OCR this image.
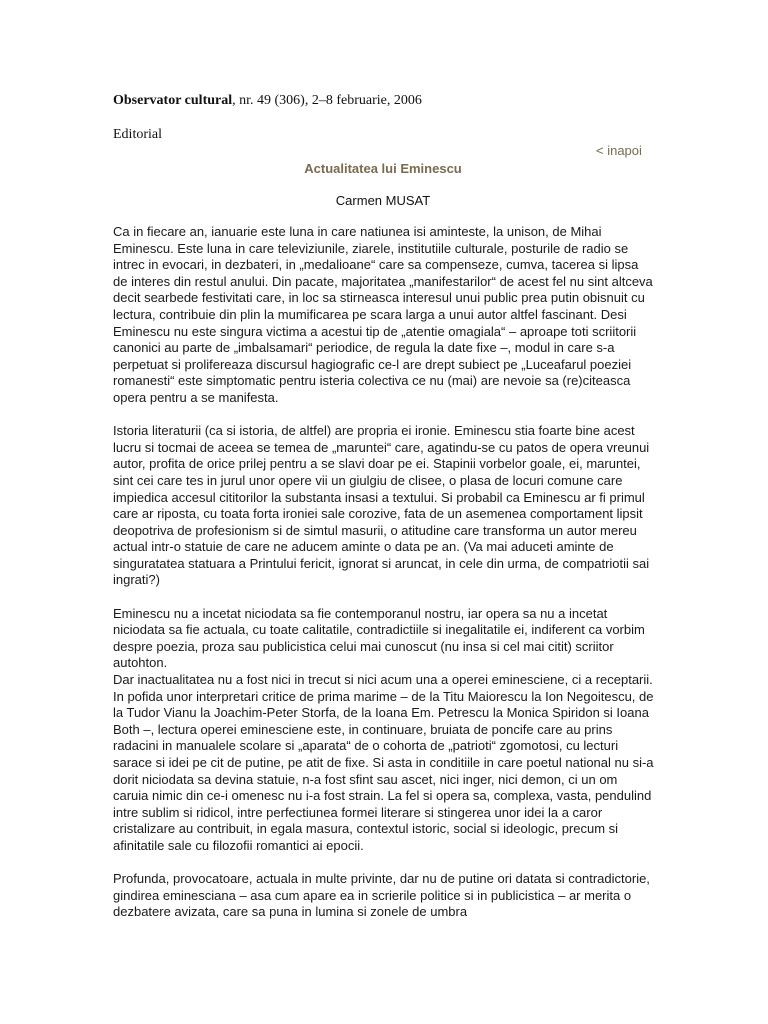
Observator cultural, nr. 49 (306), 2–8 februarie, 2006
Editorial
< inapoi
Actualitatea lui Eminescu
Carmen MUSAT

Ca in fiecare an, ianuarie este luna in care natiunea isi aminteste, la unison, de Mihai Eminescu. Este luna in care televiziunile, ziarele, institutiile culturale, posturile de radio se intrec in evocari, in dezbateri, in „medalioane“ care sa compenseze, cumva, tacerea si lipsa de interes din restul anului. Din pacate, majoritatea „manifestarilor“ de acest fel nu sint altceva decit searbede festivitati care, in loc sa stirneasca interesul unui public prea putin obisnuit cu lectura, contribuie din plin la mumificarea pe scara larga a unui autor altfel fascinant. Desi Eminescu nu este singura victima a acestui tip de „atentie omagiala“ – aproape toti scriitorii canonici au parte de „imbalsamari“ periodice, de regula la date fixe –, modul in care s-a perpetuat si prolifereaza discursul hagiografic ce-l are drept subiect pe „Luceafarul poeziei romanesti“ este simptomatic pentru isteria colectiva ce nu (mai) are nevoie sa (re)citeasca opera pentru a se manifesta.

Istoria literaturii (ca si istoria, de altfel) are propria ei ironie. Eminescu stia foarte bine acest lucru si tocmai de aceea se temea de „maruntei“ care, agatindu-se cu patos de opera vreunui autor, profita de orice prilej pentru a se slavi doar pe ei. Stapinii vorbelor goale, ei, maruntei, sint cei care tes in jurul unor opere vii un giulgiu de clisee, o plasa de locuri comune care impiedica accesul cititorilor la substanta insasi a textului. Si probabil ca Eminescu ar fi primul care ar riposta, cu toata forta ironiei sale corozive, fata de un asemenea comportament lipsit deopotriva de profesionism si de simtul masurii, o atitudine care transforma un autor mereu actual intr-o statuie de care ne aducem aminte o data pe an. (Va mai aduceti aminte de singuratatea statuara a Printului fericit, ignorat si aruncat, in cele din urma, de compatriotii sai ingrati?)

Eminescu nu a incetat niciodata sa fie contemporanul nostru, iar opera sa nu a incetat niciodata sa fie actuala, cu toate calitatile, contradictiile si inegalitatile ei, indiferent ca vorbim despre poezia, proza sau publicistica celui mai cunoscut (nu insa si cel mai citit) scriitor autohton.

Dar inactualitatea nu a fost nici in trecut si nici acum una a operei eminesciene, ci a receptarii. In pofida unor interpretari critice de prima marime – de la Titu Maiorescu la Ion Negoitescu, de la Tudor Vianu la Joachim-Peter Storfa, de la Ioana Em. Petrescu la Monica Spiridon si Ioana Both –, lectura operei eminesciene este, in continuare, bruiata de poncife care au prins radacini in manualele scolare si „aparata“ de o cohorta de „patrioti“ zgomotosi, cu lecturi sarace si idei pe cit de putine, pe atit de fixe. Si asta in conditiile in care poetul national nu si-a dorit niciodata sa devina statuie, n-a fost sfint sau ascet, nici inger, nici demon, ci un om caruia nimic din ce-i omenesc nu i-a fost strain. La fel si opera sa, complexa, vasta, pendulind intre sublim si ridicol, intre perfectiunea formei literare si stingerea unor idei la a caror cristalizare au contribuit, in egala masura, contextul istoric, social si ideologic, precum si afinitatile sale cu filozofii romantici ai epocii.

Profunda, provocatoare, actuala in multe privinte, dar nu de putine ori datata si contradictorie, gindirea eminesciana – asa cum apare ea in scrierile politice si in publicistica – ar merita o dezbatere avizata, care sa puna in lumina si zonele de umbra
